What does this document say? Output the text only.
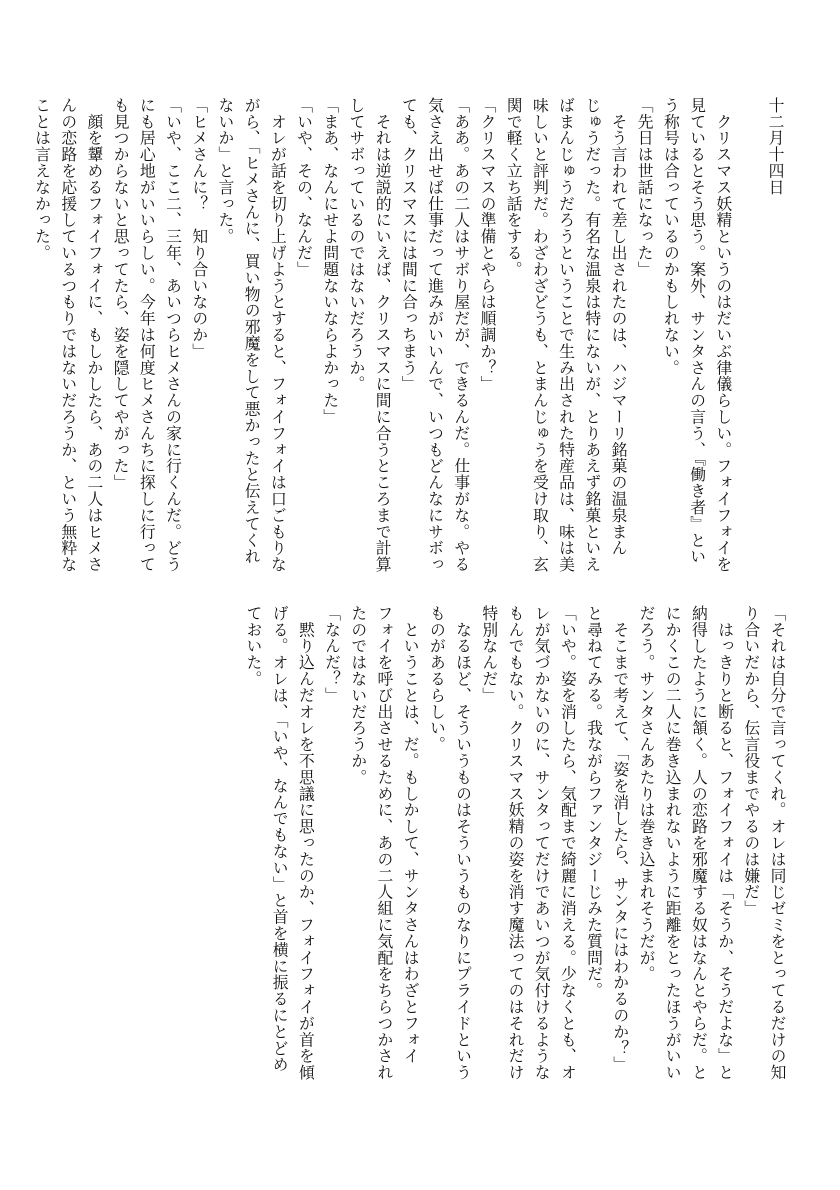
十二月十四日

　クリスマス妖精というのはだいぶ律儀らしい。フォイフォイを

見ているとそう思う。案外、サンタさんの言う、『働き者』とい

う称号は合っているのかもしれない。

「先日は世話になった」

　そう言われて差し出されたのは、ハジマーリ銘菓の温泉まん

じゅうだった。有名な温泉は特にないが、とりあえず銘菓といえ

ばまんじゅうだろうということで生み出された特産品は、味は美

味しいと評判だ。わざわざどうも、とまんじゅうを受け取り、玄

関で軽く立ち話をする。

「クリスマスの準備とやらは順調か？」

「ああ。あの二人はサボり屋だが、できるんだ。仕事がな。やる

気さえ出せば仕事だって進みがいいんで、いつもどんなにサボっ

ても、クリスマスには間に合っちまう」

　それは逆説的にいえば、クリスマスに間に合うところまで計算

してサボっているのではないだろうか。

「まあ、なんにせよ問題ないならよかった」

「いや、その、なんだ」

　オレが話を切り上げようとすると、フォイフォイは口ごもりな

がら、「ヒメさんに、買い物の邪魔をして悪かったと伝えてくれ

ないか」と言った。

「ヒメさんに？　知り合いなのか」

「いや、ここ二、三年、あいつらヒメさんの家に行くんだ。どう

にも居心地がいいらしい。今年は何度ヒメさんちに探しに行って

も見つからないと思ってたら、姿を隠してやがった」

　顔を顰めるフォイフォイに、もしかしたら、あの二人はヒメさ

んの恋路を応援しているつもりではないだろうか、という無粋な

ことは言えなかった。

「それは自分で言ってくれ。オレは同じゼミをとってるだけの知

り合いだから、伝言役までやるのは嫌だ」

　はっきりと断ると、フォイフォイは「そうか、そうだよな」と

納得したように頷く。人の恋路を邪魔する奴はなんとやらだ。と

にかくこの二人に巻き込まれないように距離をとったほうがいい

だろう。サンタさんあたりは巻き込まれそうだが。

　そこまで考えて、「姿を消したら、サンタにはわかるのか？」

と尋ねてみる。我ながらファンタジーじみた質問だ。

「いや。姿を消したら、気配まで綺麗に消える。少なくとも、オ

レが気づかないのに、サンタってだけであいつが気付けるような

もんでもない。クリスマス妖精の姿を消す魔法ってのはそれだけ

特別なんだ」

　なるほど、そういうものはそういうものなりにプライドという

ものがあるらしい。

　ということは、だ。もしかして、サンタさんはわざとフォイ

フォイを呼び出させるために、あの二人組に気配をちらつかされ

たのではないだろうか。

「なんだ？」

　黙り込んだオレを不思議に思ったのか、フォイフォイが首を傾

げる。オレは、「いや、なんでもない」と首を横に振るにとどめ

ておいた。
